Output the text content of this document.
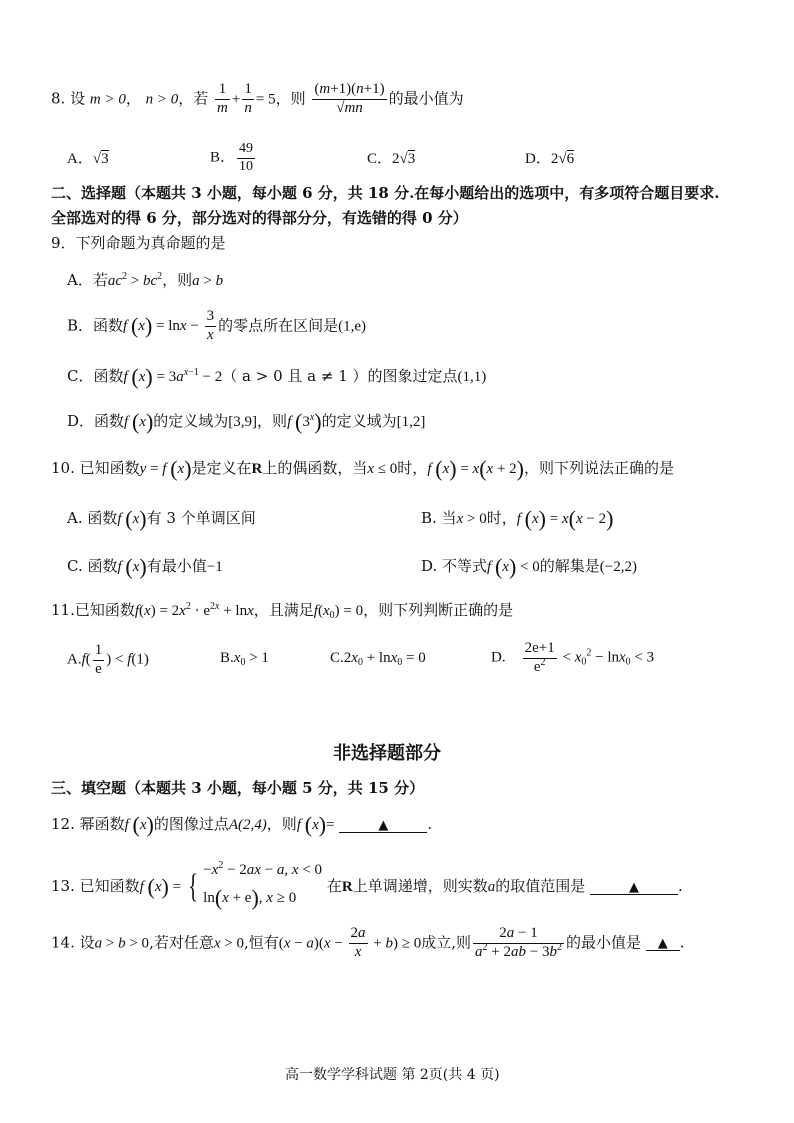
8. 设 m > 0， n > 0，若 $\frac{1}{m} + \frac{1}{n} = 5$，则 $\frac{(m+1)(n+1)}{√mn}$ 的最小值为
A．√3	B． $\frac{49}{10}$	C．2√3	D．2√6
二、选择题（本题共 3 小题，每小题 6 分，共 18 分.在每小题给出的选项中，有多项符合题目要求.
全部选对的得 6 分，部分选对的得部分分，有选错的得 0 分）
9．下列命题为真命题的是
A．若$ac^2 > bc^2$，则a > b
B．函数f $(x) = \ln x - \frac{3}{x}$ 的零点所在区间是(1,e)
C．函数f $(x) = 3a^{x-1} - 2$（ a > 0 且 a ≠ 1 ）的图象过定点(1,1)
D．函数f (x)的定义域为[3,9]，则f (3$^x$)的定义域为[1,2]
10. 已知函数y = f (x)是定义在R上的偶函数，当x ≤ 0时，f (x) = x(x + 2)，则下列说法正确的是
A. 函数f (x)有 3 个单调区间	B. 当x > 0时，f (x) = x(x − 2)
C. 函数f (x)有最小值−1	D. 不等式f (x) < 0的解集是(−2,2)
11.已知函数$f(x) = 2x^2 \cdot e^{2x} + \ln x$，且满足$f(x_0) = 0$，则下列判断正确的是
$A.f( \frac{1}{e}$ ) < f(1)	$B.x_0 > 1$	$C.2x_0 + \ln x_0 = 0$	D. $\frac{2e+1}{e^2} < x_0^2 - \ln x_0 < 3$
非选择题部分
三、填空题（本题共 3 小题，每小题 5 分，共 15 分）
12. 幂函数f (x)的图像过点A(2,4)，则f (x)=	▲	.
13. 已知函数f (x) = { $-x^2 - 2ax - a$, x < 0
ln(x + e), x ≥ 0
在R上单调递增，则实数a的取值范围是	▲	.
14. 设a > b > 0,若对任意x > 0,恒有$(x - a)(x - \frac{2a}{x} + b) \ge 0$成立,则 $\frac{2a - 1}{a^2 + 2ab - 3b^2}$ 的最小值是 ▲ .
高一数学学科试题 第 2页(共 4 页)
